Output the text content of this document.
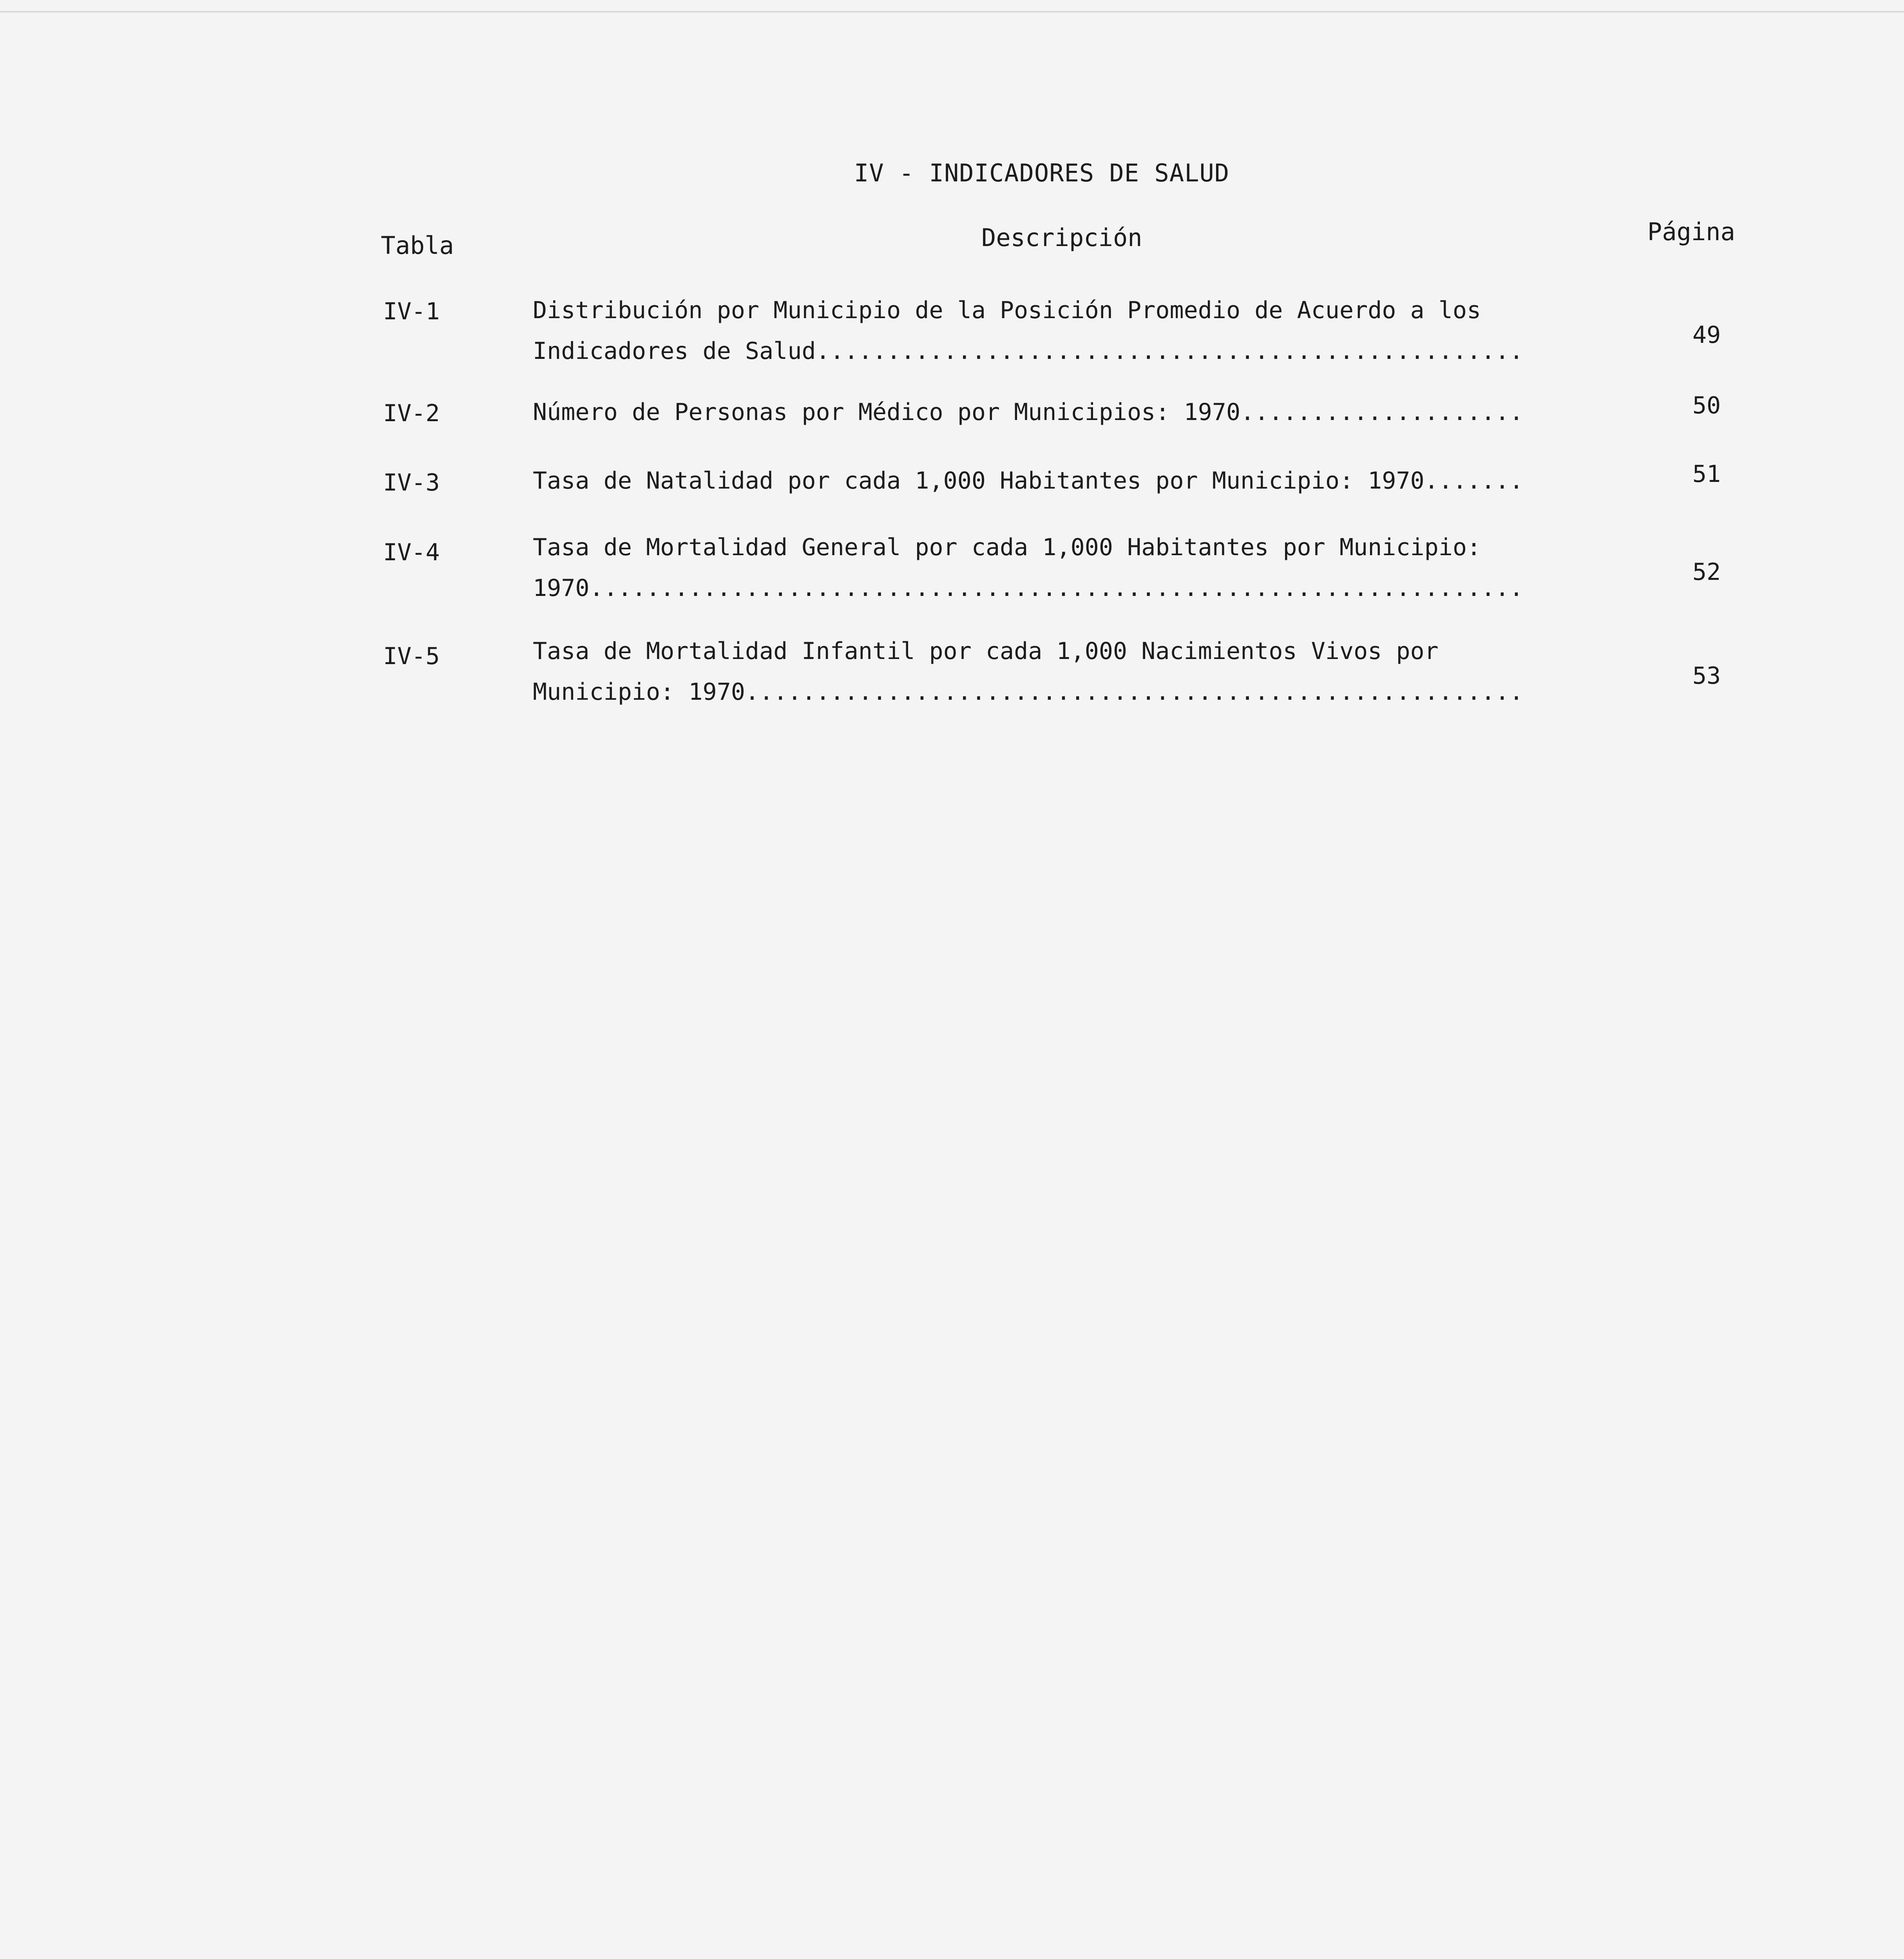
IV - INDICADORES DE SALUD
Tabla	Descripción	Página
IV-1	Distribución por Municipio de la Posición Promedio de Acuerdo a los
Indicadores de Salud..................................................
49
IV-2	Número de Personas por Médico por Municipios: 1970....................	50
IV-3	Tasa de Natalidad por cada 1,000 Habitantes por Municipio: 1970.......	51
IV-4	Tasa de Mortalidad General por cada 1,000 Habitantes por Municipio:
1970..................................................................
52
IV-5	Tasa de Mortalidad Infantil por cada 1,000 Nacimientos Vivos por
Municipio: 1970.......................................................
53
